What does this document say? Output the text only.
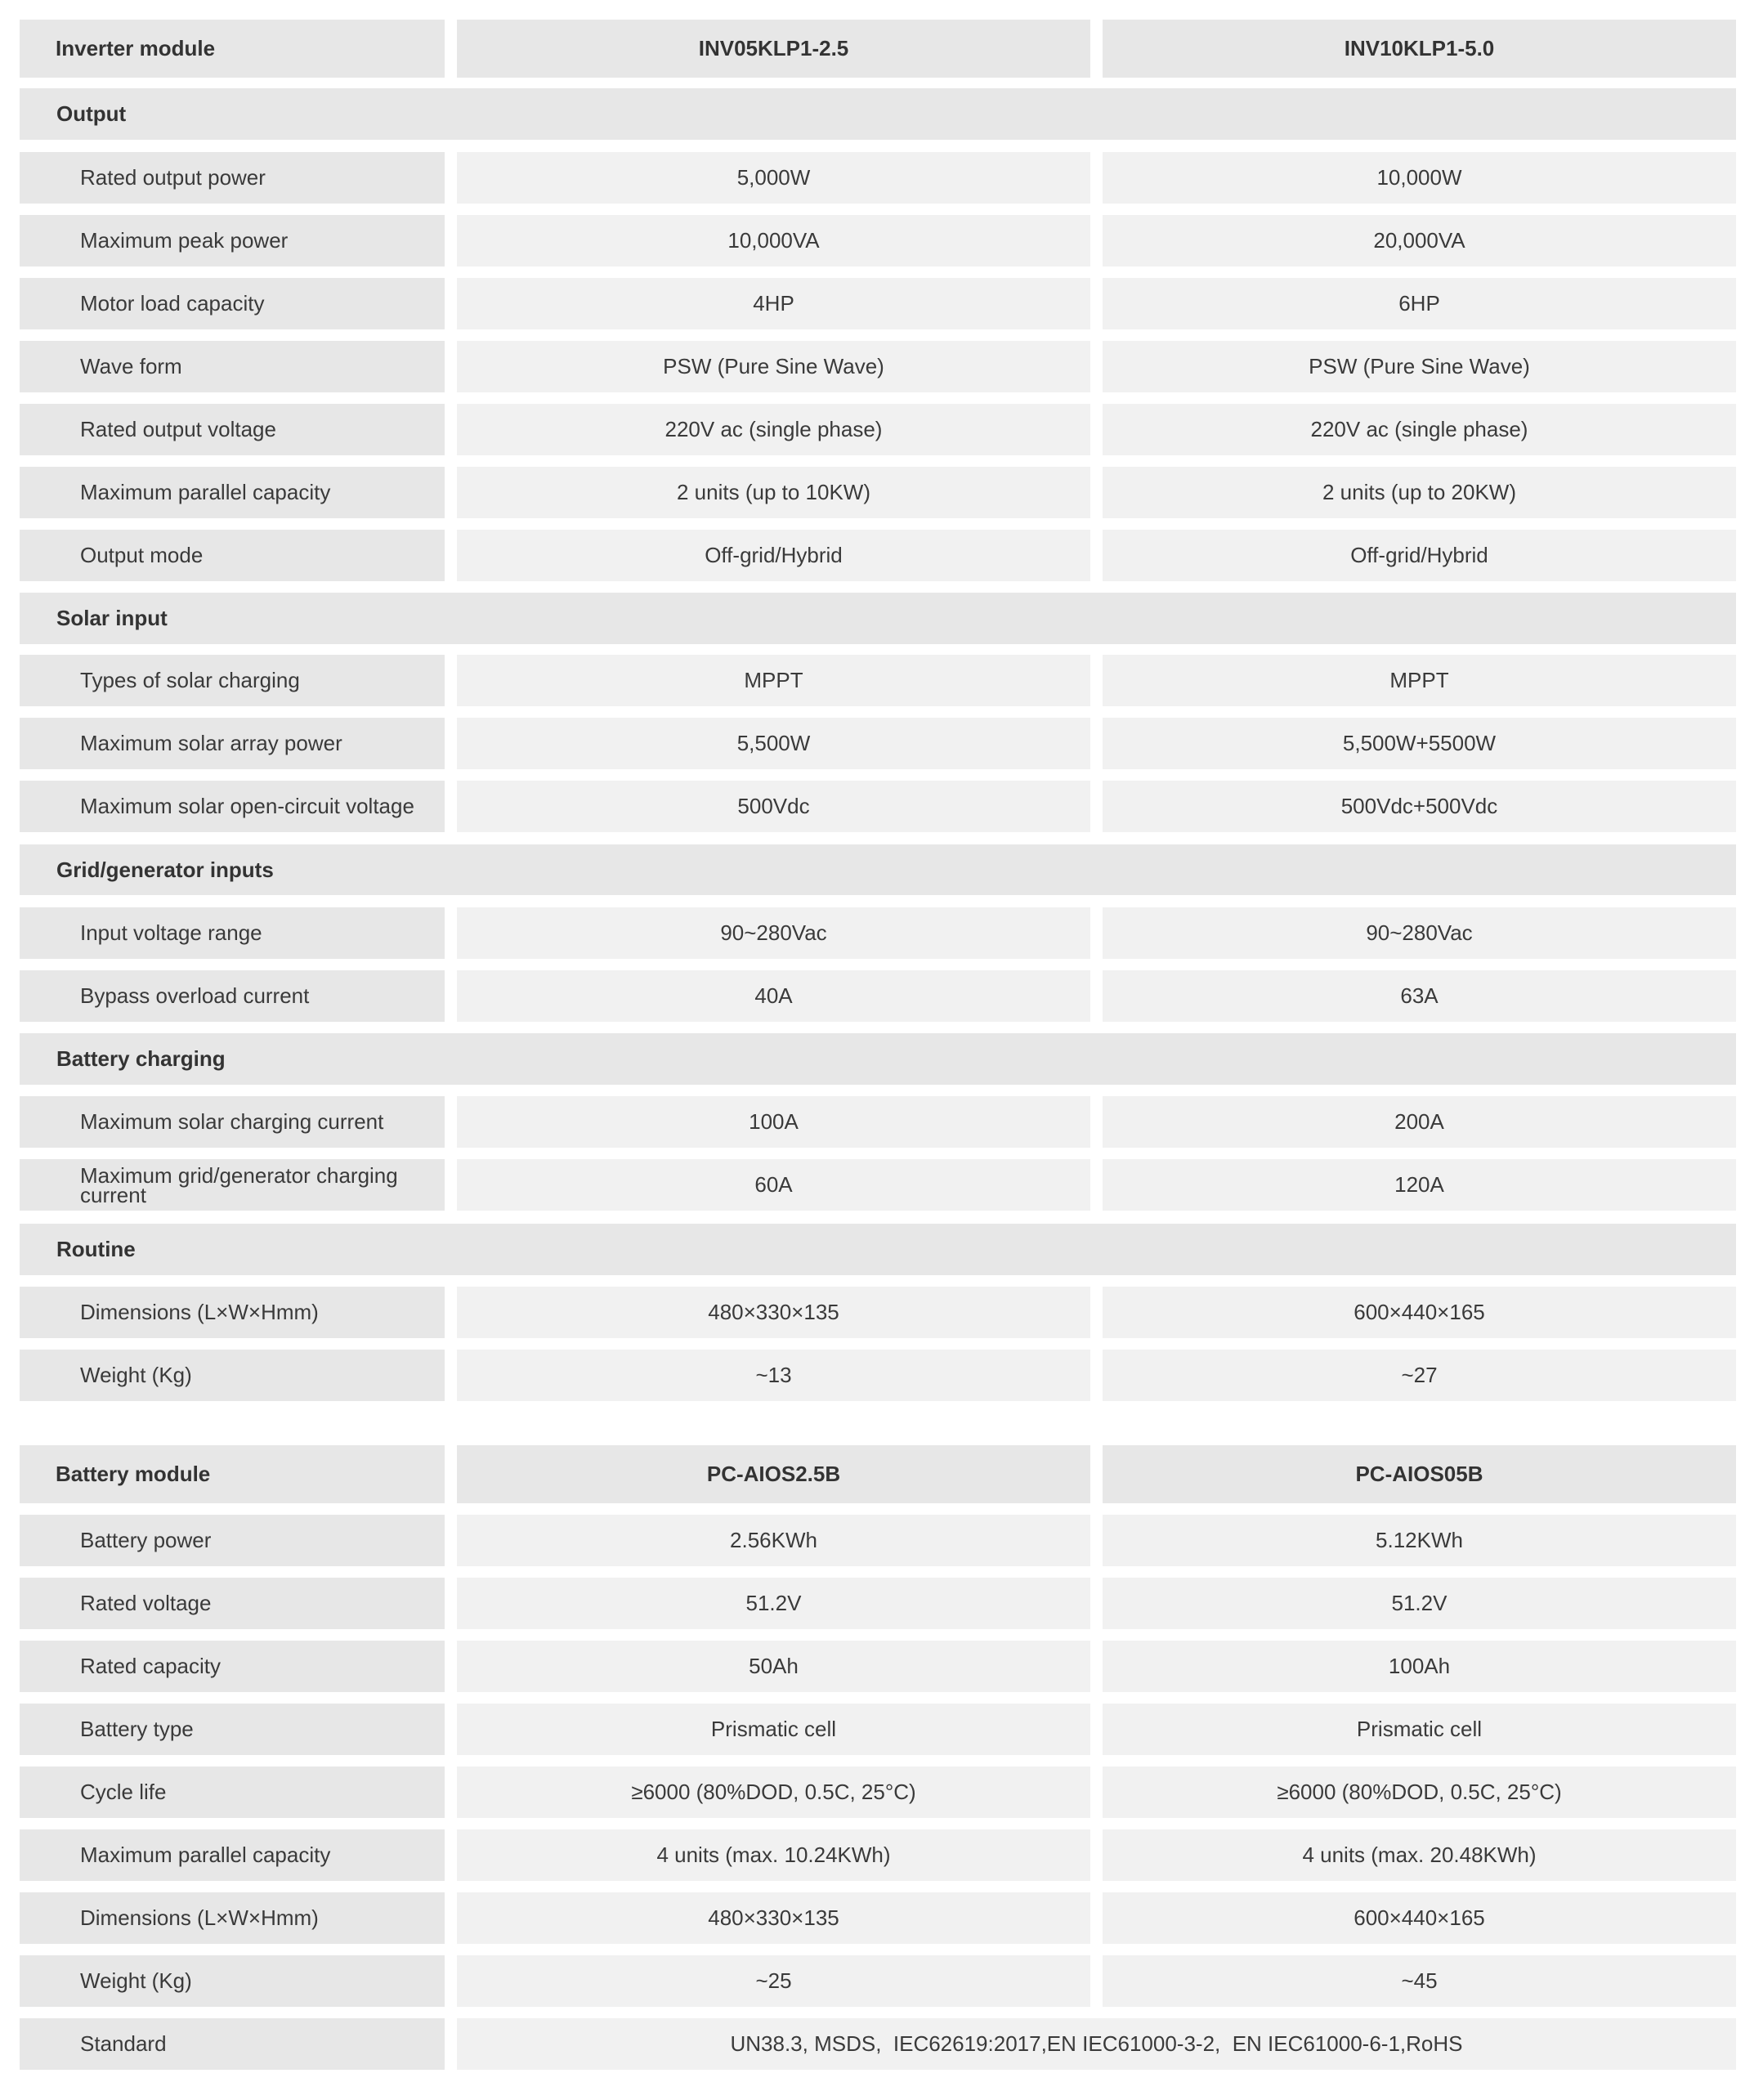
Inverter module	INV05KLP1-2.5	INV10KLP1-5.0
Output
Rated output power	5,000W	10,000W
Maximum peak power	10,000VA	20,000VA
Motor load capacity	4HP	6HP
Wave form	PSW (Pure Sine Wave)	PSW (Pure Sine Wave)
Rated output voltage	220V ac (single phase)	220V ac (single phase)
Maximum parallel capacity	2 units (up to 10KW)	2 units (up to 20KW)
Output mode	Off-grid/Hybrid	Off-grid/Hybrid
Solar input
Types of solar charging	MPPT	MPPT
Maximum solar array power	5,500W	5,500W+5500W
Maximum solar open-circuit voltage	500Vdc	500Vdc+500Vdc
Grid/generator inputs
Input voltage range	90~280Vac	90~280Vac
Bypass overload current	40A	63A
Battery charging
Maximum solar charging current	100A	200A
Maximum grid/generator charging current	60A	120A
Routine
Dimensions (L×W×Hmm)	480×330×135	600×440×165
Weight (Kg)	~13	~27
Battery module	PC-AIOS2.5B	PC-AIOS05B
Battery power	2.56KWh	5.12KWh
Rated voltage	51.2V	51.2V
Rated capacity	50Ah	100Ah
Battery type	Prismatic cell	Prismatic cell
Cycle life	≥6000 (80%DOD, 0.5C, 25°C)	≥6000 (80%DOD, 0.5C, 25°C)
Maximum parallel capacity	4 units (max. 10.24KWh)	4 units (max. 20.48KWh)
Dimensions (L×W×Hmm)	480×330×135	600×440×165
Weight (Kg)	~25	~45
Standard	UN38.3, MSDS,  IEC62619:2017,EN IEC61000-3-2,  EN IEC61000-6-1,RoHS
